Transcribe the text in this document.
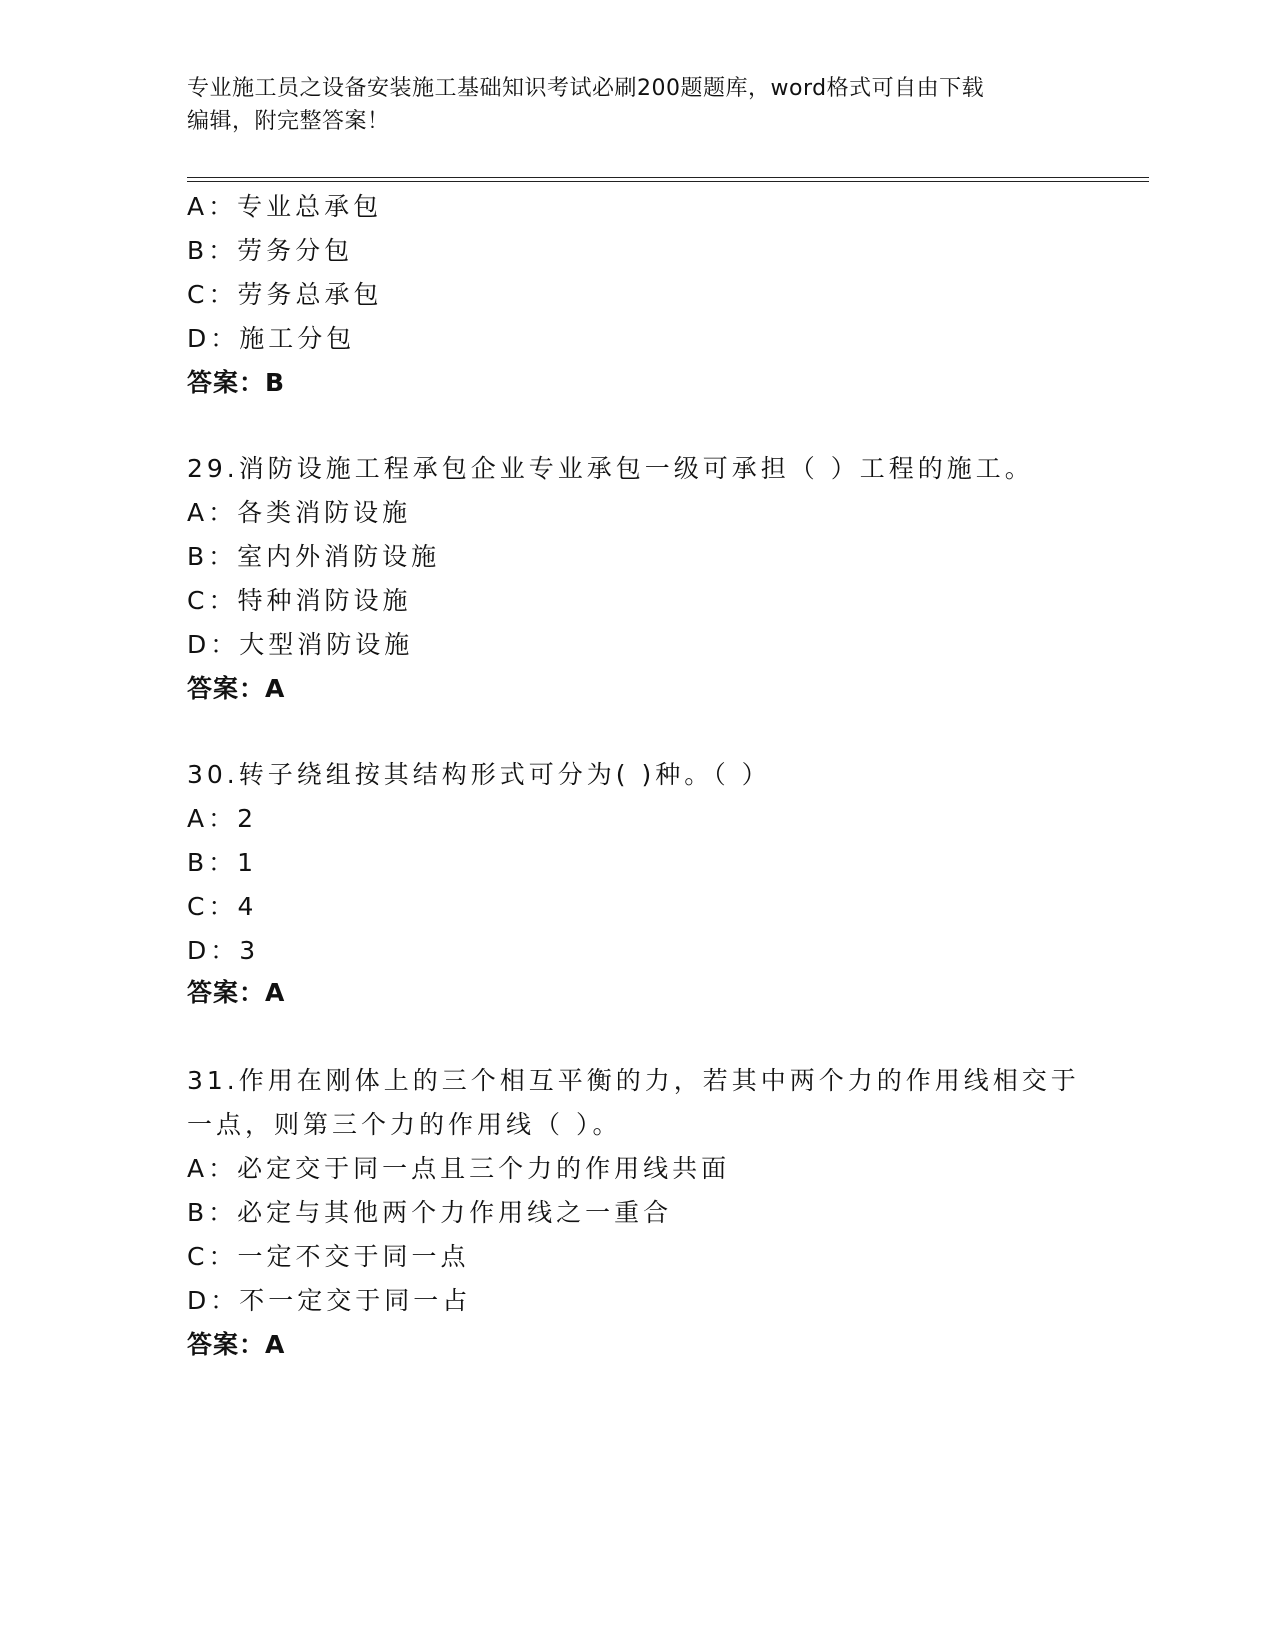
专业施工员之设备安装施工基础知识考试必刷200题题库，word格式可自由下载
编辑，附完整答案！
A：专业总承包
B：劳务分包
C：劳务总承包
D：施工分包
答案：B
29.消防设施工程承包企业专业承包一级可承担（ ）工程的施工。
A：各类消防设施
B：室内外消防设施
C：特种消防设施
D：大型消防设施
答案：A
30.转子绕组按其结构形式可分为( )种。（ ）
A：2
B：1
C：4
D：3
答案：A
31.作用在刚体上的三个相互平衡的力，若其中两个力的作用线相交于
一点，则第三个力的作用线（ ）。
A：必定交于同一点且三个力的作用线共面
B：必定与其他两个力作用线之一重合
C：一定不交于同一点
D：不一定交于同一占
答案：A
